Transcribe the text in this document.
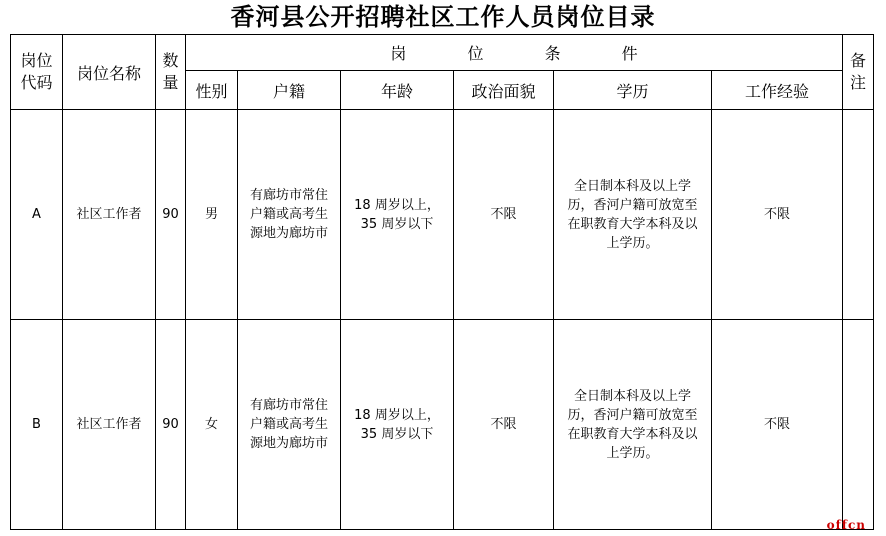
香河县公开招聘社区工作人员岗位目录
岗位代码	岗位名称	数量	岗 位 条 件						备注
			性别	户籍	年龄	政治面貌	学历	工作经验	
A	社区工作者	90	男	有廊坊市常住户籍或高考生源地为廊坊市	18 周岁以上，35 周岁以下	不限	全日制本科及以上学历，香河户籍可放宽至在职教育大学本科及以上学历。	不限	
B	社区工作者	90	女	有廊坊市常住户籍或高考生源地为廊坊市	18 周岁以上，35 周岁以下	不限	全日制本科及以上学历，香河户籍可放宽至在职教育大学本科及以上学历。	不限	
offcn
